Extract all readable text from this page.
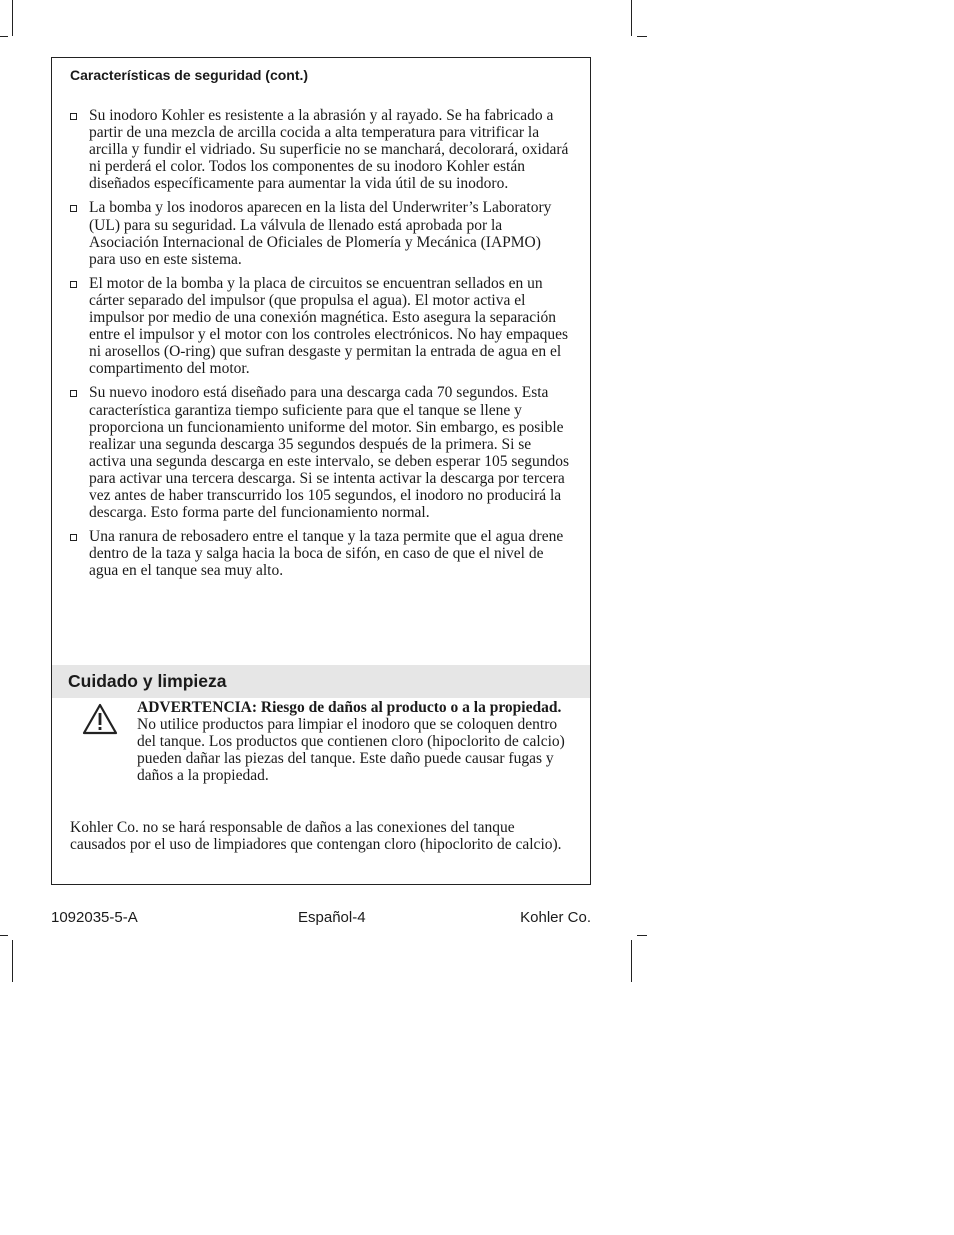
Características de seguridad (cont.)
Su inodoro Kohler es resistente a la abrasión y al rayado. Se ha fabricado a partir de una mezcla de arcilla cocida a alta temperatura para vitrificar la arcilla y fundir el vidriado. Su superficie no se manchará, decolorará, oxidará ni perderá el color. Todos los componentes de su inodoro Kohler están diseñados específicamente para aumentar la vida útil de su inodoro.
La bomba y los inodoros aparecen en la lista del Underwriter’s Laboratory (UL) para su seguridad. La válvula de llenado está aprobada por la Asociación Internacional de Oficiales de Plomería y Mecánica (IAPMO) para uso en este sistema.
El motor de la bomba y la placa de circuitos se encuentran sellados en un cárter separado del impulsor (que propulsa el agua). El motor activa el impulsor por medio de una conexión magnética. Esto asegura la separación entre el impulsor y el motor con los controles electrónicos. No hay empaques ni arosellos (O-ring) que sufran desgaste y permitan la entrada de agua en el compartimento del motor.
Su nuevo inodoro está diseñado para una descarga cada 70 segundos. Esta característica garantiza tiempo suficiente para que el tanque se llene y proporciona un funcionamiento uniforme del motor. Sin embargo, es posible realizar una segunda descarga 35 segundos después de la primera. Si se activa una segunda descarga en este intervalo, se deben esperar 105 segundos para activar una tercera descarga. Si se intenta activar la descarga por tercera vez antes de haber transcurrido los 105 segundos, el inodoro no producirá la descarga. Esto forma parte del funcionamiento normal.
Una ranura de rebosadero entre el tanque y la taza permite que el agua drene dentro de la taza y salga hacia la boca de sifón, en caso de que el nivel de agua en el tanque sea muy alto.
Cuidado y limpieza
ADVERTENCIA: Riesgo de daños al producto o a la propiedad. No utilice productos para limpiar el inodoro que se coloquen dentro del tanque. Los productos que contienen cloro (hipoclorito de calcio) pueden dañar las piezas del tanque. Este daño puede causar fugas y daños a la propiedad.
Kohler Co. no se hará responsable de daños a las conexiones del tanque causados por el uso de limpiadores que contengan cloro (hipoclorito de calcio).
1092035-5-A	Español-4	Kohler Co.
